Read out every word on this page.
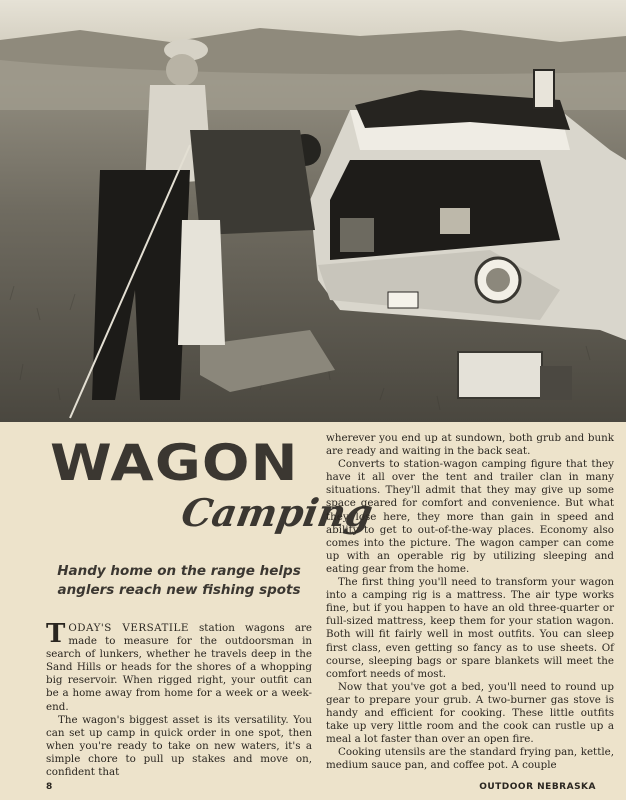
WAGON
Camping
Handy home on the range helps
anglers reach new fishing spots

TODAY'S VERSATILE station wagons are made to measure for the outdoorsman in search of lunkers, whether he travels deep in the Sand Hills or heads for the shores of a whopping big reservoir. When rigged right, your outfit can be a home away from home for a week or a week-end.

The wagon's biggest asset is its versatility. You can set up camp in quick order in one spot, then when you're ready to take on new waters, it's a simple chore to pull up stakes and move on, confident that

wherever you end up at sundown, both grub and bunk are ready and waiting in the back seat.

Converts to station-wagon camping figure that they have it all over the tent and trailer clan in many situations. They'll admit that they may give up some space geared for comfort and convenience. But what they lose here, they more than gain in speed and ability to get to out-of-the-way places. Economy also comes into the picture. The wagon camper can come up with an operable rig by utilizing sleeping and eating gear from the home.

The first thing you'll need to transform your wagon into a camping rig is a mattress. The air type works fine, but if you happen to have an old three-quarter or full-sized mattress, keep them for your station wagon. Both will fit fairly well in most outfits. You can sleep first class, even getting so fancy as to use sheets. Of course, sleeping bags or spare blankets will meet the comfort needs of most.

Now that you've got a bed, you'll need to round up gear to prepare your grub. A two-burner gas stove is handy and efficient for cooking. These little outfits take up very little room and the cook can rustle up a meal a lot faster than over an open fire.

Cooking utensils are the standard frying pan, kettle, medium sauce pan, and coffee pot. A couple

8	OUTDOOR NEBRASKA
